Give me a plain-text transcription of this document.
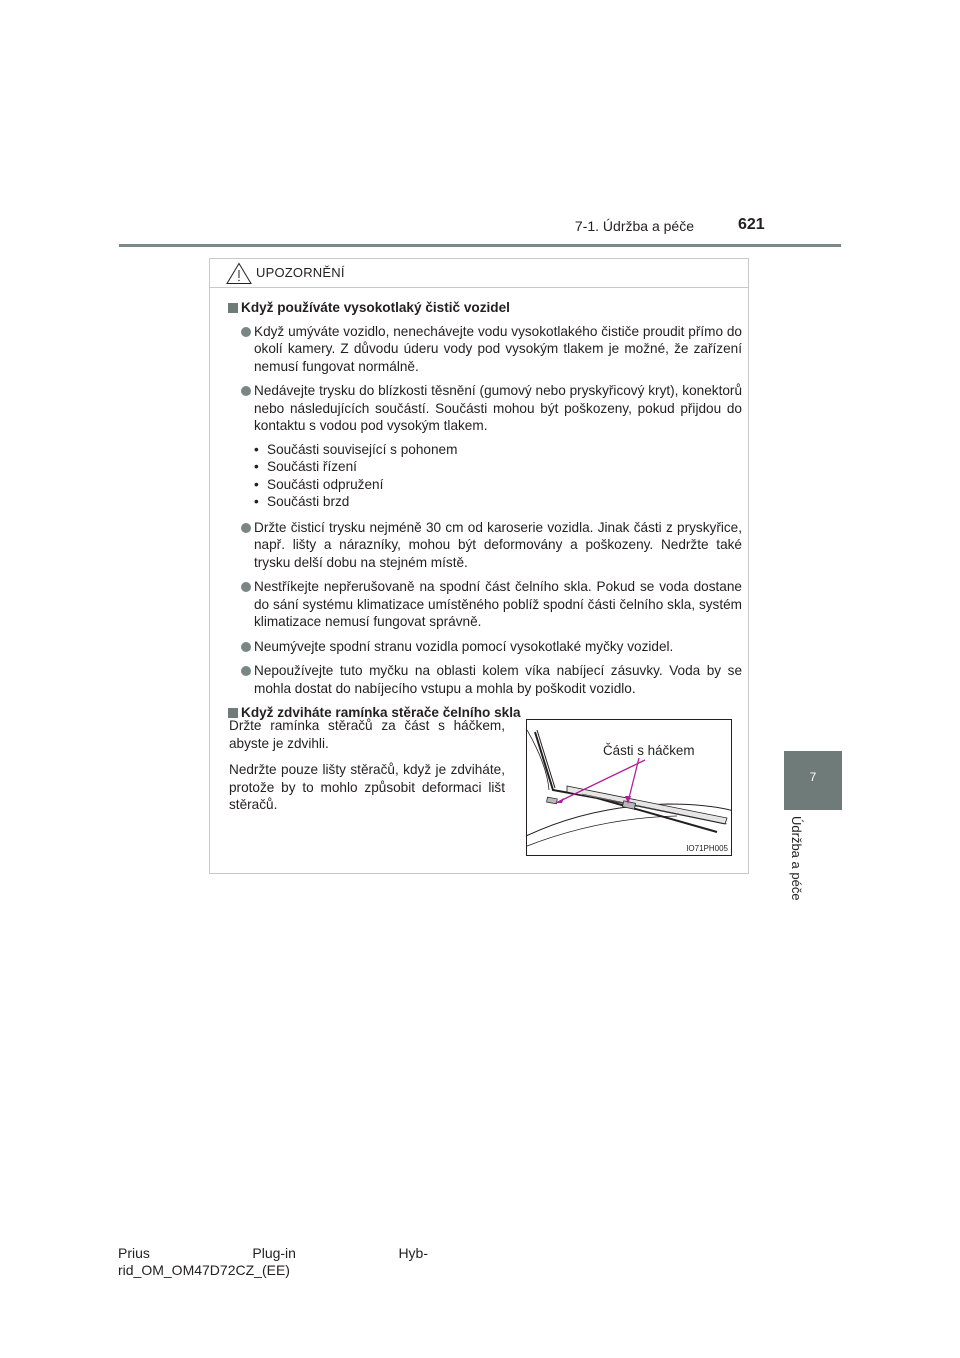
7-1. Údržba a péče	621
7
Údržba a péče
UPOZORNĚNÍ
Když používáte vysokotlaký čistič vozidel
Když umýváte vozidlo, nenechávejte vodu vysokotlakého čističe proudit přímo do okolí kamery. Z důvodu úderu vody pod vysokým tlakem je možné, že zařízení nemusí fungovat normálně.
Nedávejte trysku do blízkosti těsnění (gumový nebo pryskyřicový kryt), konektorů nebo následujících součástí. Součásti mohou být poškozeny, pokud přijdou do kontaktu s vodou pod vysokým tlakem.
• Součásti související s pohonem
• Součásti řízení
• Součásti odpružení
• Součásti brzd
Držte čisticí trysku nejméně 30 cm od karoserie vozidla. Jinak části z pryskyřice, např. lišty a nárazníky, mohou být deformovány a poškozeny. Nedržte také trysku delší dobu na stejném místě.
Nestříkejte nepřerušovaně na spodní část čelního skla. Pokud se voda dostane do sání systému klimatizace umístěného poblíž spodní části čelního skla, systém klimatizace nemusí fungovat správně.
Neumývejte spodní stranu vozidla pomocí vysokotlaké myčky vozidel.
Nepoužívejte tuto myčku na oblasti kolem víka nabíjecí zásuvky. Voda by se mohla dostat do nabíjecího vstupu a mohla by poškodit vozidlo.
Když zdviháte ramínka stěrače čelního skla

Držte ramínka stěračů za část s háčkem, abyste je zdvihli.

Nedržte pouze lišty stěračů, když je zdviháte, protože by to mohlo způsobit deformaci lišt stěračů.

Části s háčkem
IO71PH005
Prius	Plug-in	Hyb-
rid_OM_OM47D72CZ_(EE)
